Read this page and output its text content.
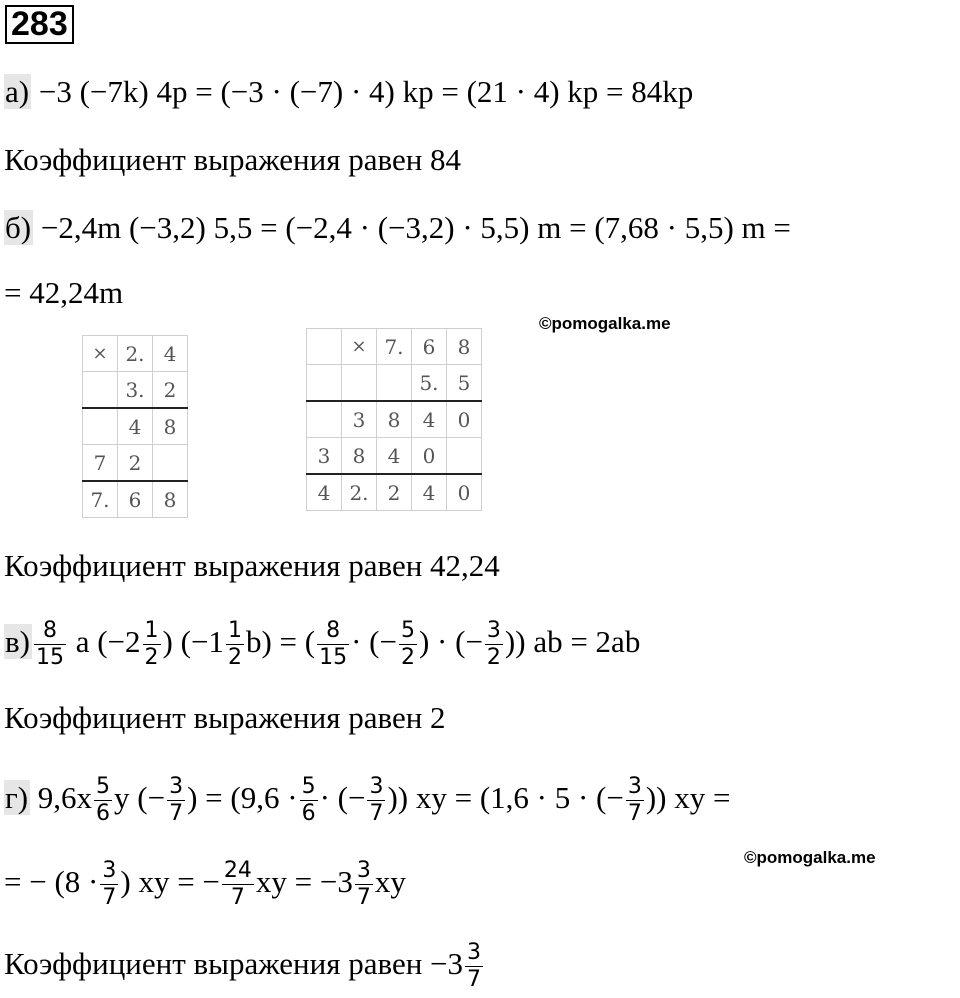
283
а) −3 (−7k) 4p = (−3 · (−7) · 4) kp = (21 · 4) kp = 84kp
Коэффициент выражения равен 84
б) −2,4m (−3,2) 5,5 = (−2,4 · (−3,2) · 5,5) m = (7,68 · 5,5) m =
= 42,24m
©pomogalka.me
×	2.	4
	3.	2
	4	8
7	2	
7.	6	8
	×	7.	6	8
			5.	5
	3	8	4	0
3	8	4	0	
4	2.	2	4	0
Коэффициент выражения равен 42,24
$в) \frac{8}{15}$ a ($-2 \frac{1}{2}$ ) $(-1 \frac{1}{2} b)$ = ( $\frac{8}{15}$ · (− $\frac{5}{2}$ ) · (− $\frac{3}{2}$ )) ab = 2ab
Коэффициент выражения равен 2
г) $9,6x \frac{5}{6}$ y (− $\frac{3}{7}$ ) = ($9,6 \cdot \frac{5}{6}$ · (− $\frac{3}{7}$ )) xy = (1,6 · 5 · (− $\frac{3}{7}$ )) xy =
©pomogalka.me
= − ($8 \cdot \frac{3}{7}$ ) xy = − $\frac{24}{7}$ xy = $-3 \frac{3}{7}$ xy
Коэффициент выражения равен $-3 \frac{3}{7}$
